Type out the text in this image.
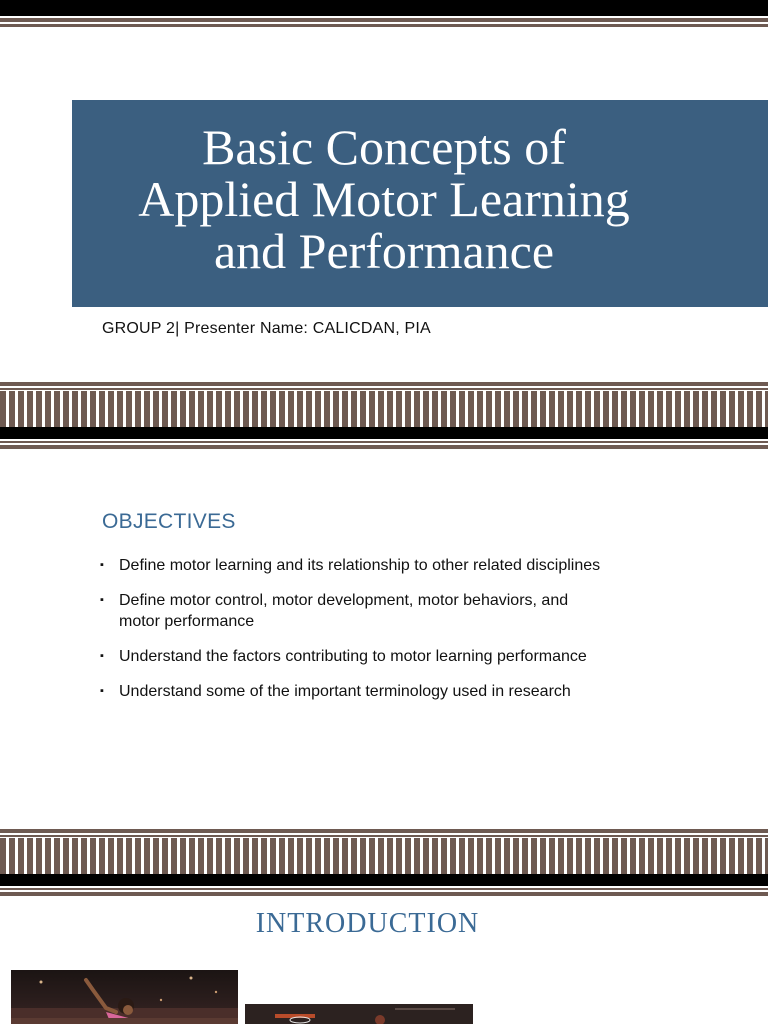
Basic Concepts of
Applied Motor Learning
and Performance
GROUP 2| Presenter Name: CALICDAN, PIA
OBJECTIVES
▪ Define motor learning and its relationship to other related disciplines
▪ Define motor control, motor development, motor behaviors, and
motor performance
▪ Understand the factors contributing to motor learning performance
▪ Understand some of the important terminology used in research
INTRODUCTION
